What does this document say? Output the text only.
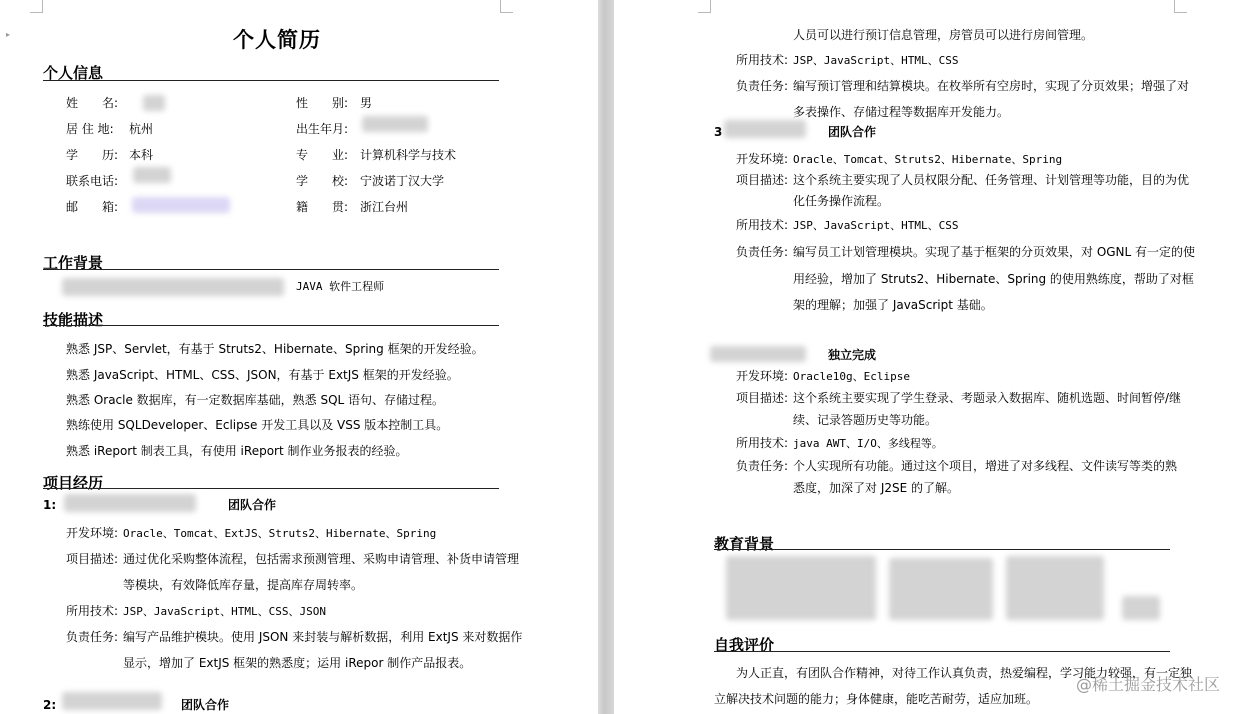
▸	个人简历
个人信息
姓　　名:	性　　别: 男
居 住 地: 杭州	出生年月:
学　　历: 本科	专　　业: 计算机科学与技术
联系电话:	学　　校: 宁波诺丁汉大学
邮　　箱:	籍　　贯: 浙江台州
工作背景
JAVA 软件工程师
技能描述
熟悉 JSP、Servlet，有基于 Struts2、Hibernate、Spring 框架的开发经验。
熟悉 JavaScript、HTML、CSS、JSON，有基于 ExtJS 框架的开发经验。
熟悉 Oracle 数据库，有一定数据库基础，熟悉 SQL 语句、存储过程。
熟练使用 SQLDeveloper、Eclipse 开发工具以及 VSS 版本控制工具。
熟悉 iReport 制表工具，有使用 iReport 制作业务报表的经验。
项目经历
1:	团队合作
开发环境: Oracle、Tomcat、ExtJS、Struts2、Hibernate、Spring
项目描述: 通过优化采购整体流程，包括需求预测管理、采购申请管理、补货申请管理
等模块，有效降低库存量，提高库存周转率。
所用技术: JSP、JavaScript、HTML、CSS、JSON
负责任务: 编写产品维护模块。使用 JSON 来封装与解析数据，利用 ExtJS 来对数据作
显示，增加了 ExtJS 框架的熟悉度；运用 iRepor 制作产品报表。
2:	团队合作
人员可以进行预订信息管理，房管员可以进行房间管理。
所用技术: JSP、JavaScript、HTML、CSS
负责任务: 编写预订管理和结算模块。在枚举所有空房时，实现了分页效果；增强了对
多表操作、存储过程等数据库开发能力。
3	团队合作
开发环境: Oracle、Tomcat、Struts2、Hibernate、Spring
项目描述: 这个系统主要实现了人员权限分配、任务管理、计划管理等功能，目的为优
化任务操作流程。
所用技术: JSP、JavaScript、HTML、CSS
负责任务: 编写员工计划管理模块。实现了基于框架的分页效果，对 OGNL 有一定的使
用经验，增加了 Struts2、Hibernate、Spring 的使用熟练度，帮助了对框
架的理解；加强了 JavaScript 基础。
独立完成
开发环境: Oracle10g、Eclipse
项目描述: 这个系统主要实现了学生登录、考题录入数据库、随机选题、时间暂停/继
续、记录答题历史等功能。
所用技术: java AWT、I/O、多线程等。
负责任务: 个人实现所有功能。通过这个项目，增进了对多线程、文件读写等类的熟
悉度，加深了对 J2SE 的了解。
教育背景
自我评价
为人正直，有团队合作精神，对待工作认真负责，热爱编程，学习能力较强，有一定独
立解决技术问题的能力；身体健康，能吃苦耐劳，适应加班。
@稀土掘金技术社区
